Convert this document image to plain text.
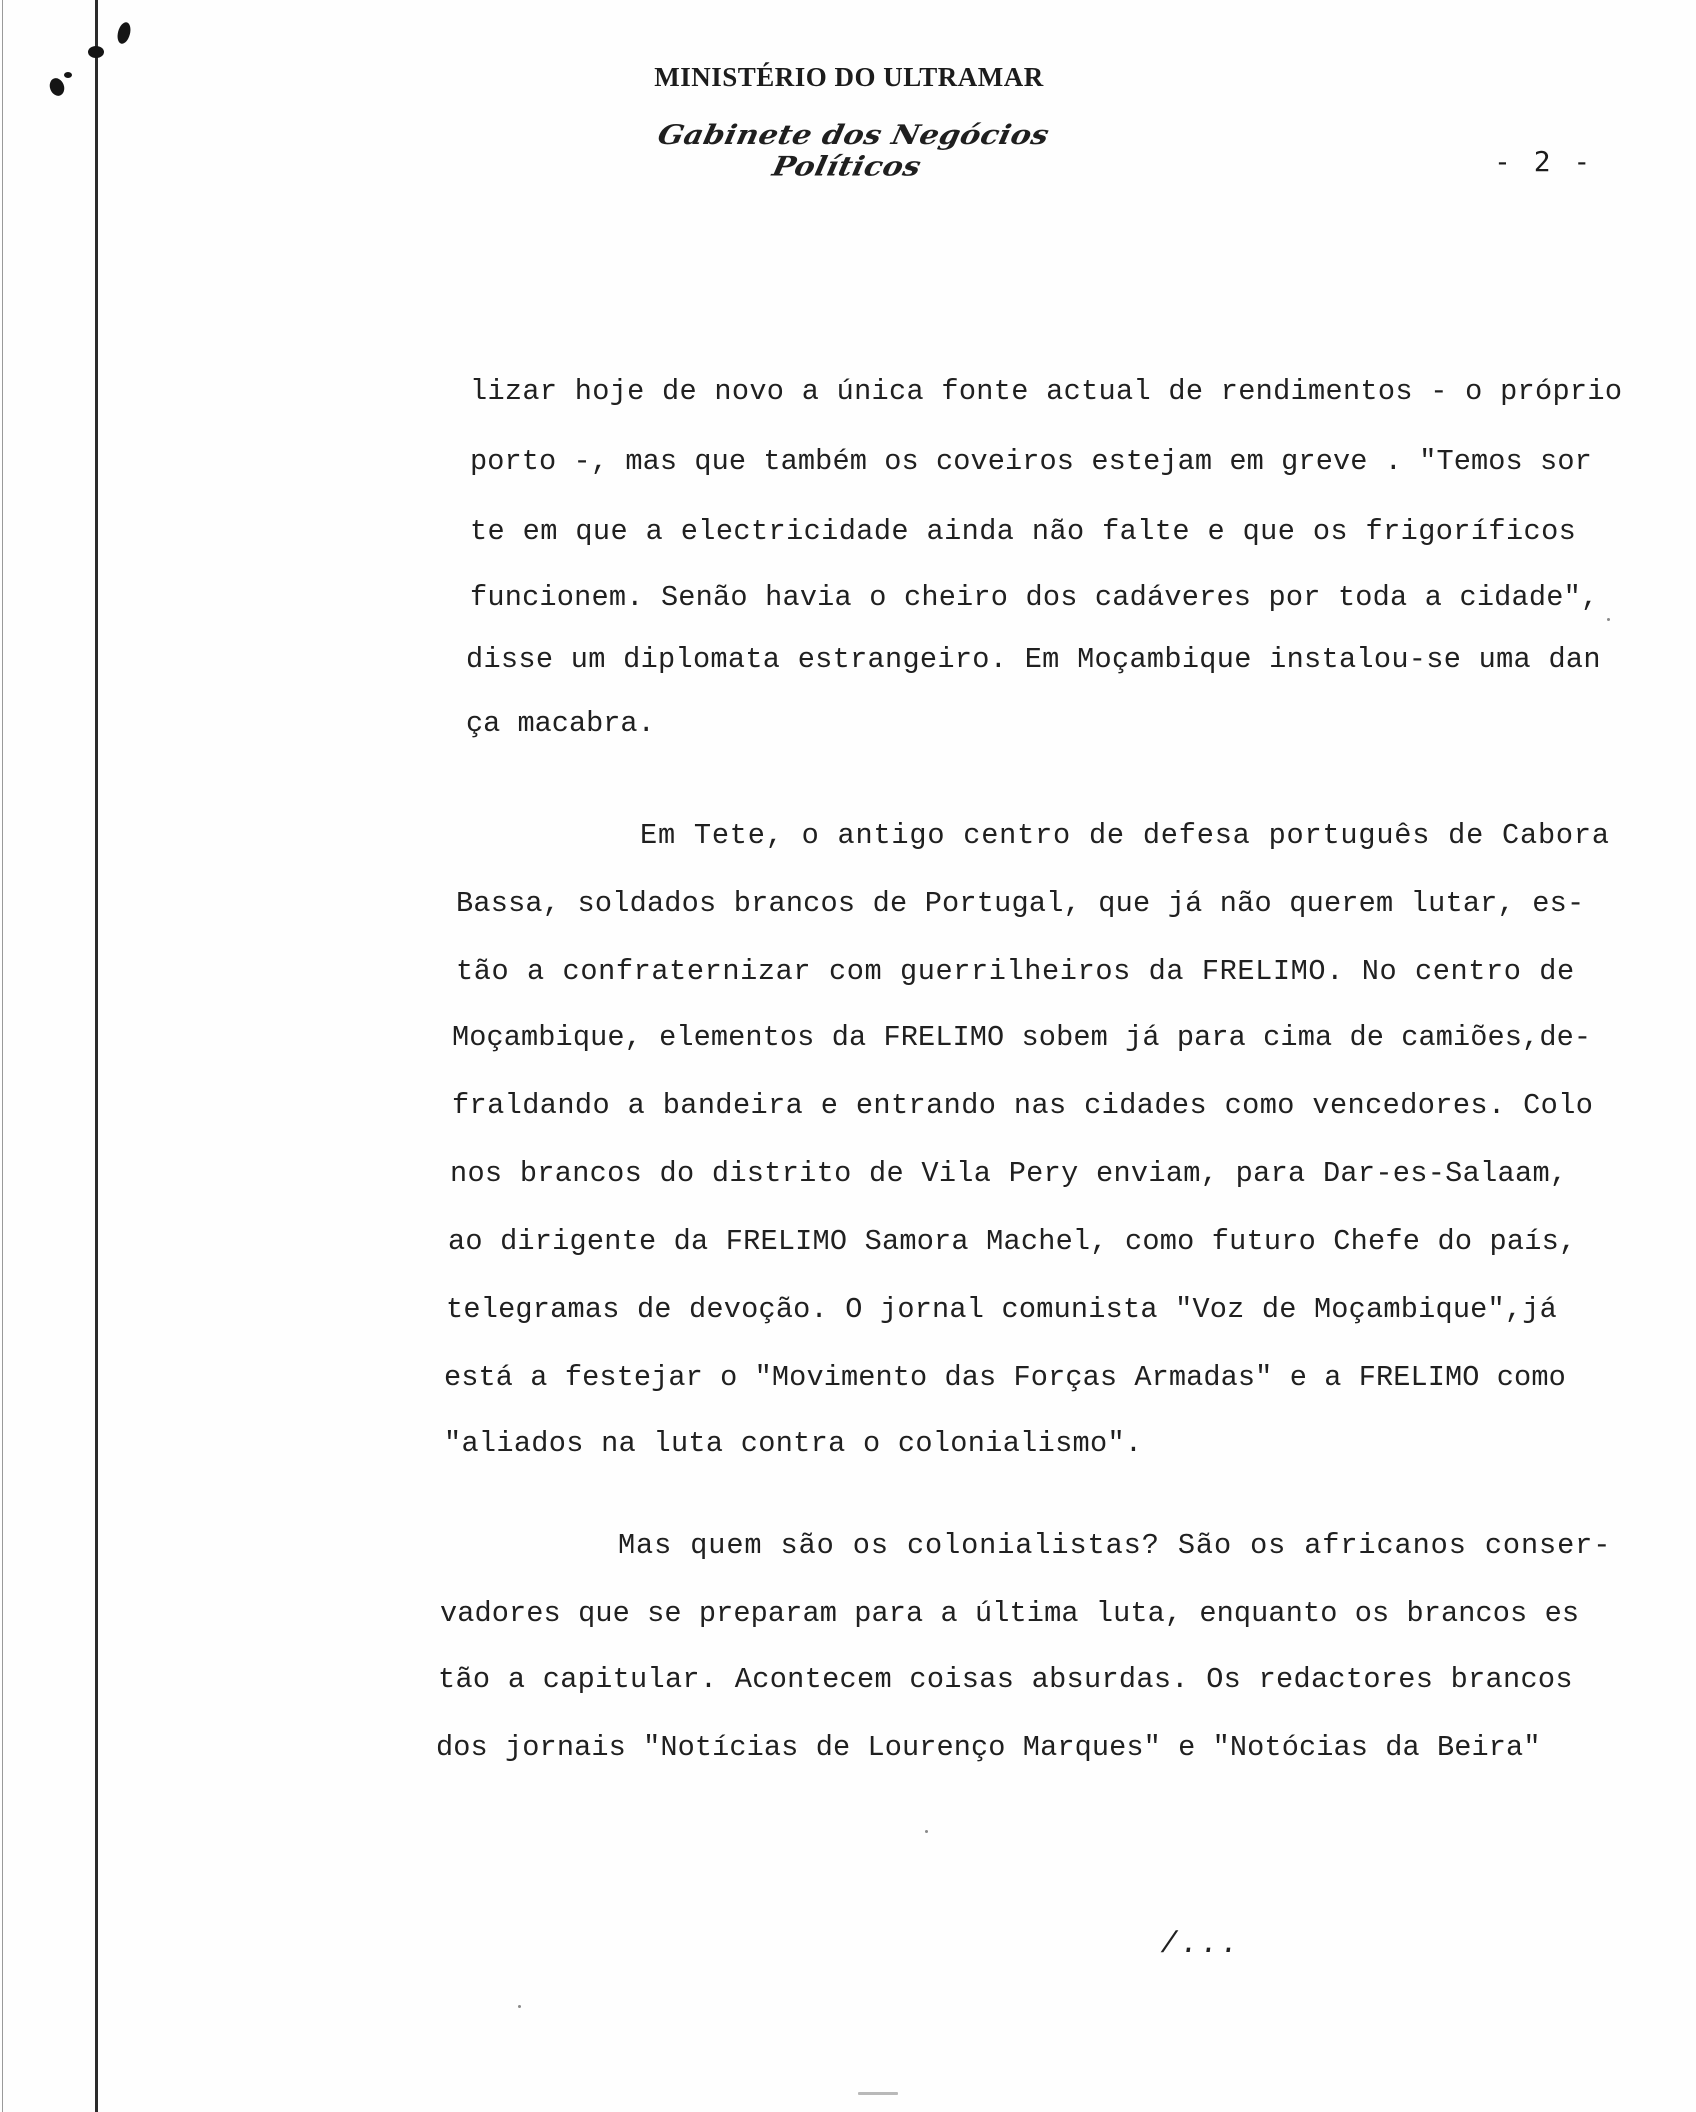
MINISTÉRIO DO ULTRAMAR
Gabinete dos Negócios Políticos	- 2 -
lizar hoje de novo a única fonte actual de rendimentos - o próprio
porto -, mas que também os coveiros estejam em greve . "Temos sor
te em que a electricidade ainda não falte e que os frigoríficos
funcionem. Senão havia o cheiro dos cadáveres por toda a cidade",
disse um diplomata estrangeiro. Em Moçambique instalou-se uma dan
ça macabra.
Em Tete, o antigo centro de defesa português de Cabora
Bassa, soldados brancos de Portugal, que já não querem lutar, es-
tão a confraternizar com guerrilheiros da FRELIMO. No centro de
Moçambique, elementos da FRELIMO sobem já para cima de camiões,de-
fraldando a bandeira e entrando nas cidades como vencedores. Colo
nos brancos do distrito de Vila Pery enviam, para Dar-es-Salaam,
ao dirigente da FRELIMO Samora Machel, como futuro Chefe do país,
telegramas de devoção. O jornal comunista "Voz de Moçambique",já
está a festejar o "Movimento das Forças Armadas" e a FRELIMO como
"aliados na luta contra o colonialismo".
Mas quem são os colonialistas? São os africanos conser-
vadores que se preparam para a última luta, enquanto os brancos es
tão a capitular. Acontecem coisas absurdas. Os redactores brancos
dos jornais "Notícias de Lourenço Marques" e "Notócias da Beira"
/...
